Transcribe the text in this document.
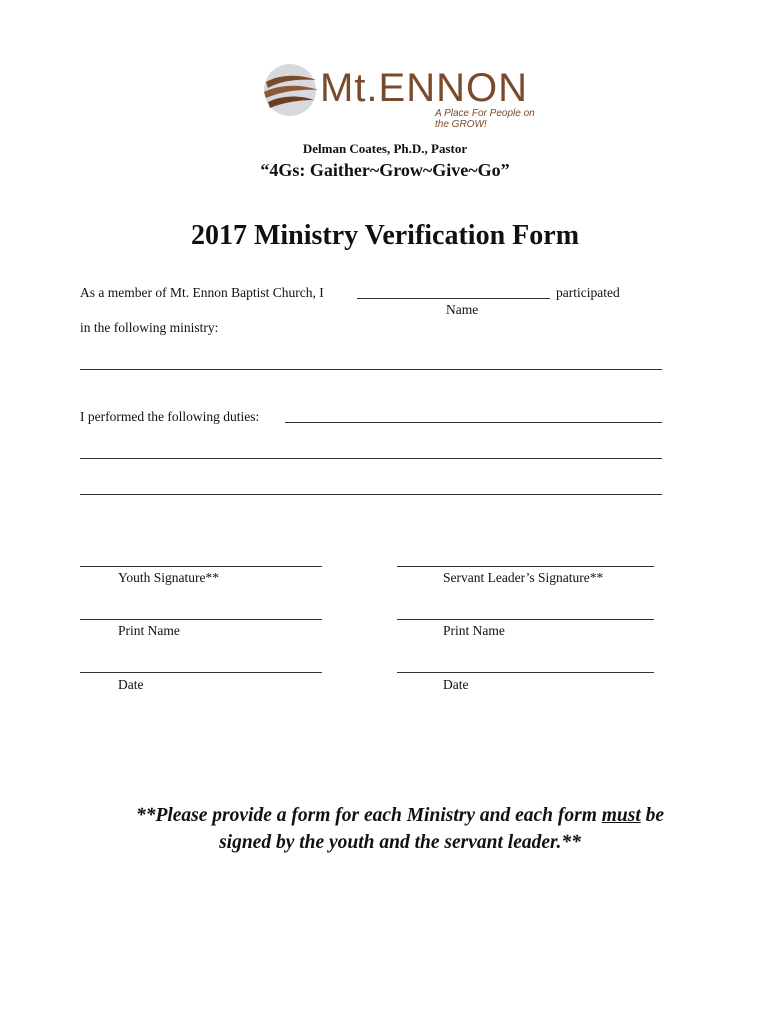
Mt.ENNON
A Place For People on the GROW!
Delman Coates, Ph.D., Pastor
“4Gs: Gaither~Grow~Give~Go”
2017 Ministry Verification Form
As a member of Mt. Ennon Baptist Church, I	participated
Name
in the following ministry:
I performed the following duties:
Youth Signature**	Servant Leader’s Signature**
Print Name	Print Name
Date	Date
**Please provide a form for each Ministry and each form must be
signed by the youth and the servant leader.**
